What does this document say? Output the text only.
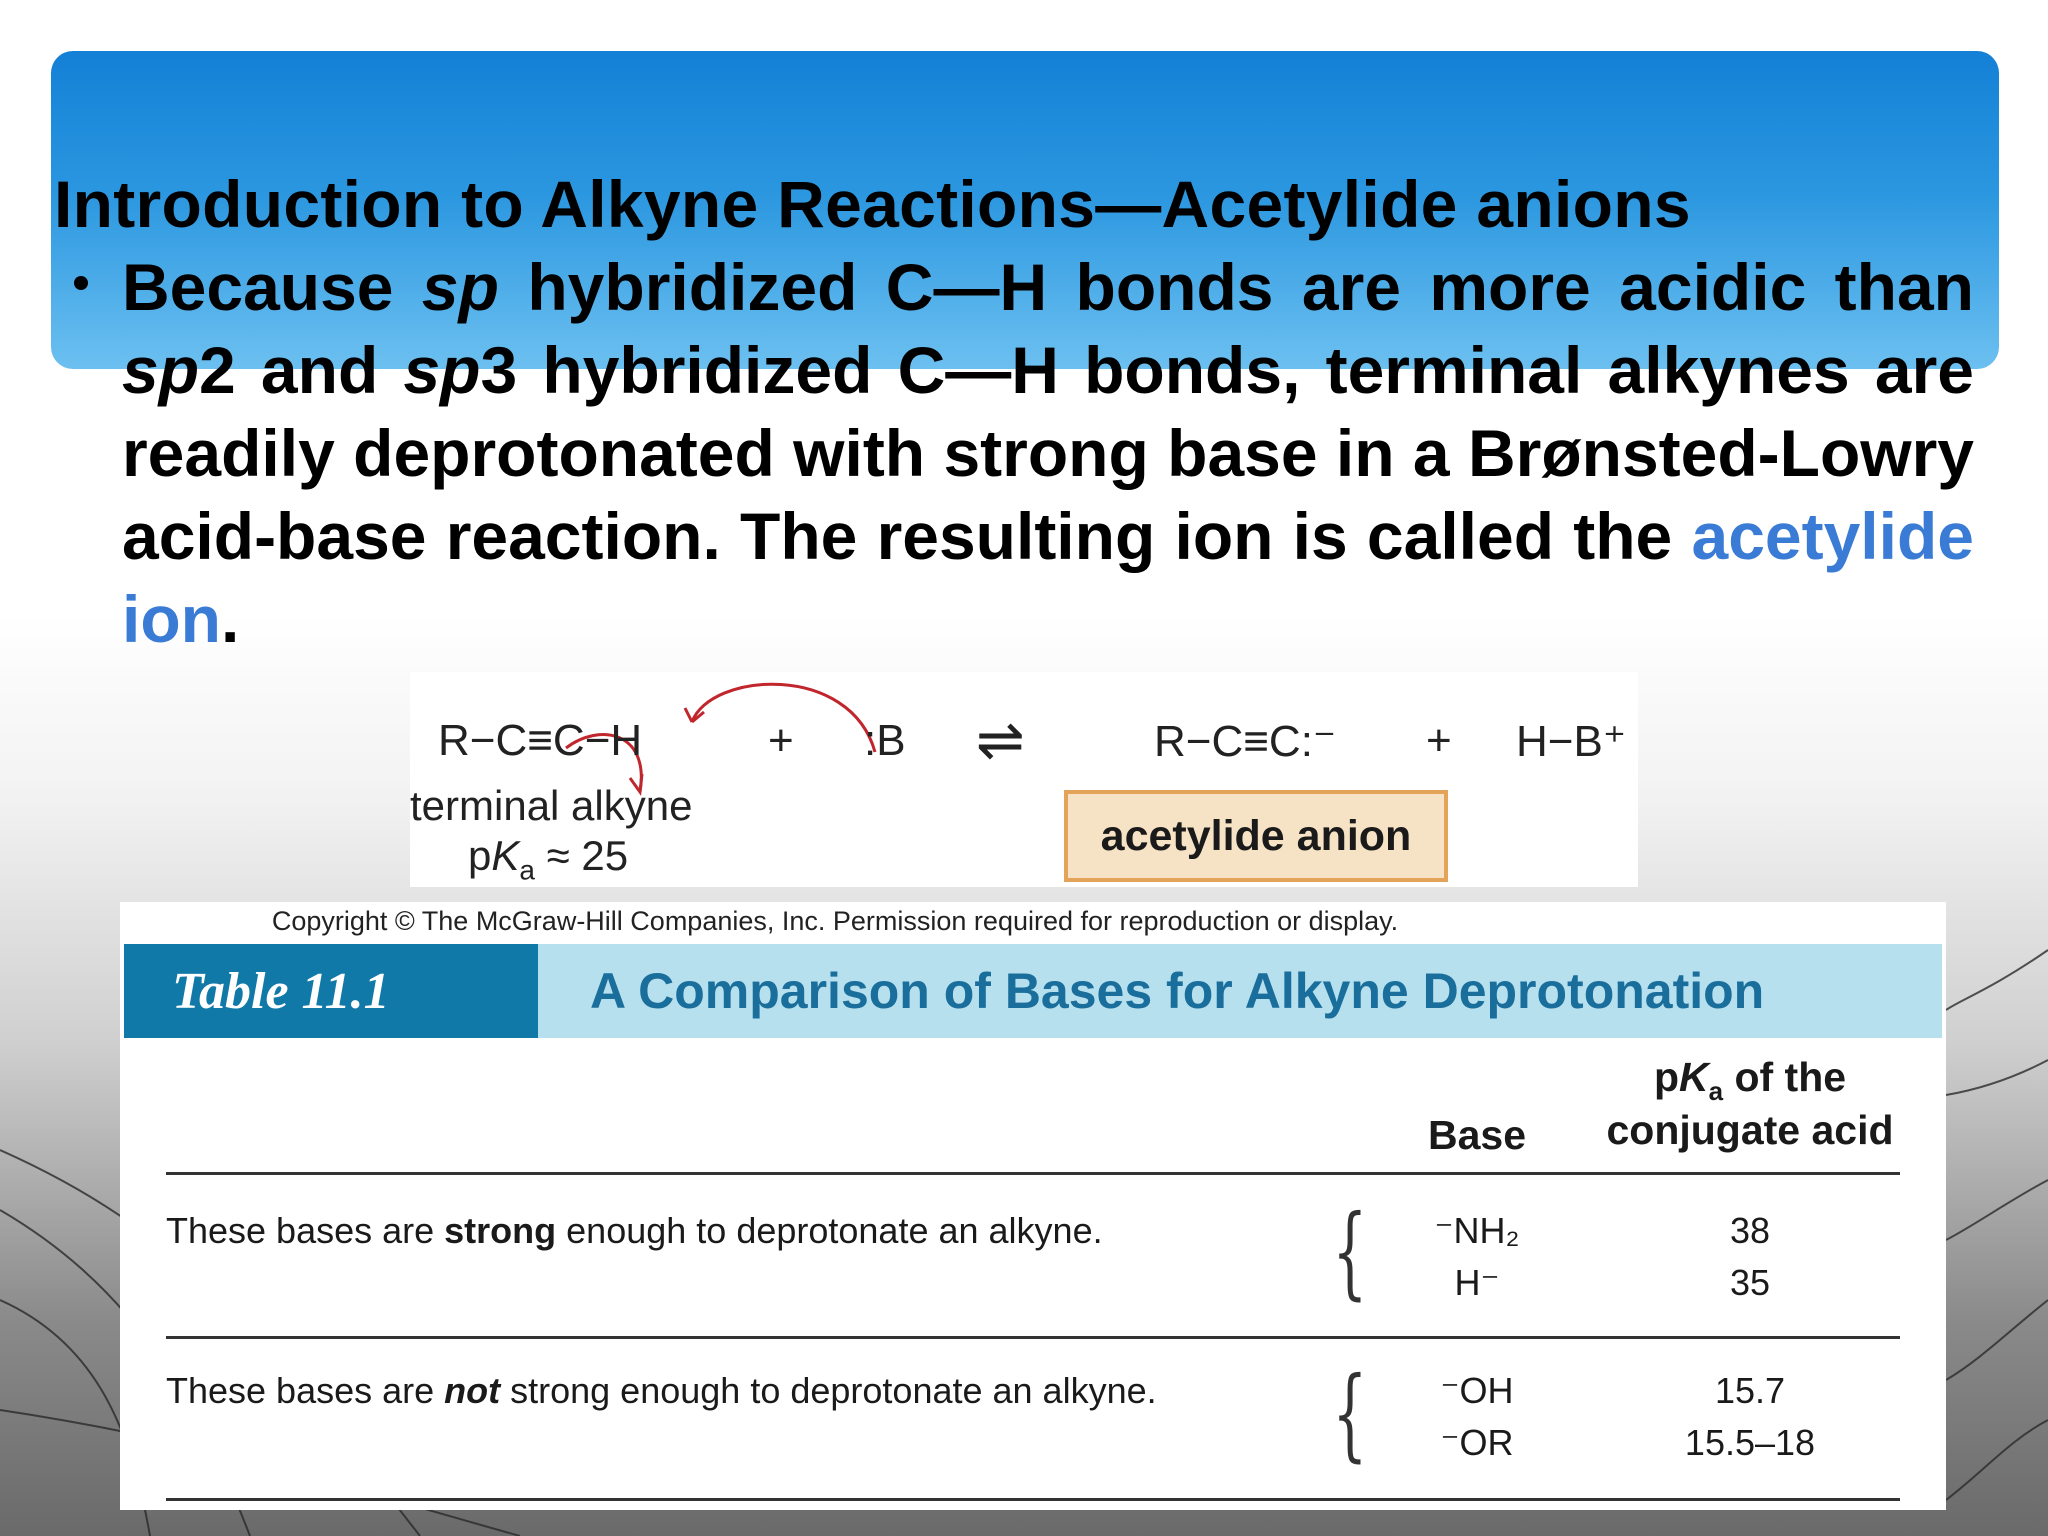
Introduction to Alkyne Reactions—Acetylide anions

Because sp hybridized C—H bonds are more acidic than sp2 and sp3 hybridized C—H bonds, terminal alkynes are readily deprotonated with strong base in a Brønsted-Lowry acid-base reaction. The resulting ion is called the acetylide ion.

R−C≡C−H	+ :B ⇌	R−C≡C:⁻ + H−B⁺
terminal alkyne
$pK_a \approx 25$	acetylide anion
Copyright © The McGraw-Hill Companies, Inc. Permission required for reproduction or display.
Table 11.1	A Comparison of Bases for Alkyne Deprotonation
Base
$pK_a$ of the
conjugate acid
These bases are strong enough to deprotonate an alkyne. {	⁻NH₂	38
H⁻	35
These bases are not strong enough to deprotonate an alkyne. {	⁻OH	15.7
⁻OR	15.5–18
